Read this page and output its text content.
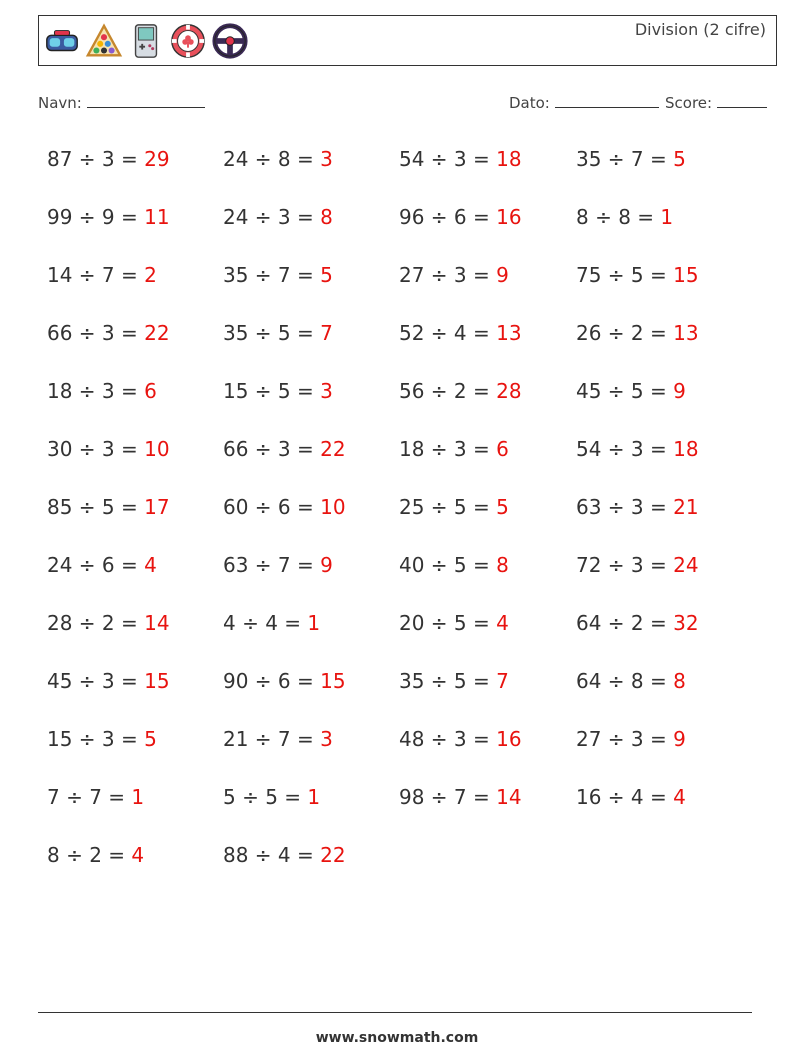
Division (2 cifre)
Navn:	Dato:	Score:
87 ÷ 3 = 29
99 ÷ 9 = 11
14 ÷ 7 = 2
66 ÷ 3 = 22
18 ÷ 3 = 6
30 ÷ 3 = 10
85 ÷ 5 = 17
24 ÷ 6 = 4
28 ÷ 2 = 14
45 ÷ 3 = 15
15 ÷ 3 = 5
7 ÷ 7 = 1
8 ÷ 2 = 4
24 ÷ 8 = 3
24 ÷ 3 = 8
35 ÷ 7 = 5
35 ÷ 5 = 7
15 ÷ 5 = 3
66 ÷ 3 = 22
60 ÷ 6 = 10
63 ÷ 7 = 9
4 ÷ 4 = 1
90 ÷ 6 = 15
21 ÷ 7 = 3
5 ÷ 5 = 1
88 ÷ 4 = 22
54 ÷ 3 = 18
96 ÷ 6 = 16
27 ÷ 3 = 9
52 ÷ 4 = 13
56 ÷ 2 = 28
18 ÷ 3 = 6
25 ÷ 5 = 5
40 ÷ 5 = 8
20 ÷ 5 = 4
35 ÷ 5 = 7
48 ÷ 3 = 16
98 ÷ 7 = 14
35 ÷ 7 = 5
8 ÷ 8 = 1
75 ÷ 5 = 15
26 ÷ 2 = 13
45 ÷ 5 = 9
54 ÷ 3 = 18
63 ÷ 3 = 21
72 ÷ 3 = 24
64 ÷ 2 = 32
64 ÷ 8 = 8
27 ÷ 3 = 9
16 ÷ 4 = 4
www.snowmath.com
